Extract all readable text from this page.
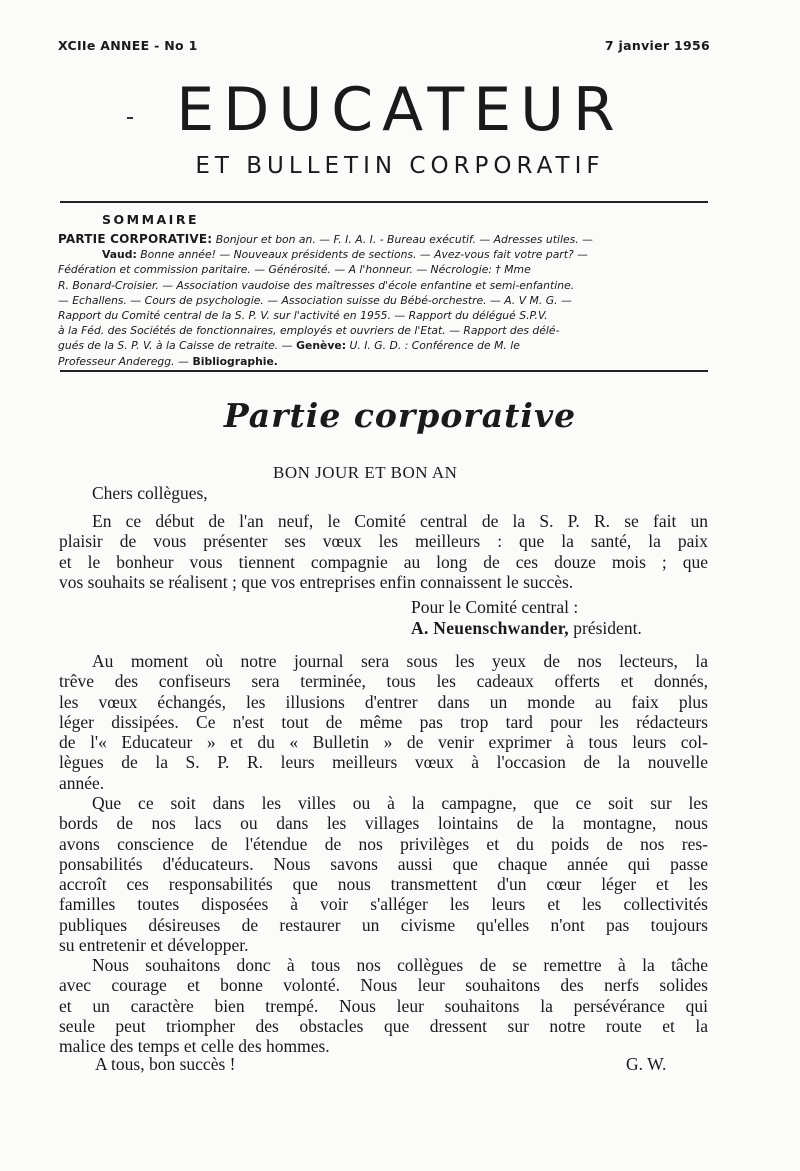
XCIIe ANNEE - No 1	7 janvier 1956
EDUCATEUR
ET BULLETIN CORPORATIF
SOMMAIRE
PARTIE CORPORATIVE: Bonjour et bon an. — F. I. A. I. - Bureau exécutif. — Adresses utiles. —
Vaud: Bonne année! — Nouveaux présidents de sections. — Avez-vous fait votre part? —
Fédération et commission paritaire. — Générosité. — A l'honneur. — Nécrologie: † Mme
R. Bonard-Croisier. — Association vaudoise des maîtresses d'école enfantine et semi-enfantine.
— Echallens. — Cours de psychologie. — Association suisse du Bébé-orchestre. — A. V M. G. —
Rapport du Comité central de la S. P. V. sur l'activité en 1955. — Rapport du délégué S.P.V.
à la Féd. des Sociétés de fonctionnaires, employés et ouvriers de l'Etat. — Rapport des délé-
gués de la S. P. V. à la Caisse de retraite. — Genève: U. I. G. D. : Conférence de M. le
Professeur Anderegg. — Bibliographie.
Partie corporative
BON JOUR ET BON AN
Chers collègues,
En ce début de l'an neuf, le Comité central de la S. P. R. se fait un
plaisir de vous présenter ses vœux les meilleurs : que la santé, la paix
et le bonheur vous tiennent compagnie au long de ces douze mois ; que
vos souhaits se réalisent ; que vos entreprises enfin connaissent le succès.
Pour le Comité central :
A. Neuenschwander, président.
Au moment où notre journal sera sous les yeux de nos lecteurs, la
trêve des confiseurs sera terminée, tous les cadeaux offerts et donnés,
les vœux échangés, les illusions d'entrer dans un monde au faix plus
léger dissipées. Ce n'est tout de même pas trop tard pour les rédacteurs
de l'« Educateur » et du « Bulletin » de venir exprimer à tous leurs col-
lègues de la S. P. R. leurs meilleurs vœux à l'occasion de la nouvelle
année.
Que ce soit dans les villes ou à la campagne, que ce soit sur les
bords de nos lacs ou dans les villages lointains de la montagne, nous
avons conscience de l'étendue de nos privilèges et du poids de nos res-
ponsabilités d'éducateurs. Nous savons aussi que chaque année qui passe
accroît ces responsabilités que nous transmettent d'un cœur léger et les
familles toutes disposées à voir s'alléger les leurs et les collectivités
publiques désireuses de restaurer un civisme qu'elles n'ont pas toujours
su entretenir et développer.
Nous souhaitons donc à tous nos collègues de se remettre à la tâche
avec courage et bonne volonté. Nous leur souhaitons des nerfs solides
et un caractère bien trempé. Nous leur souhaitons la persévérance qui
seule peut triompher des obstacles que dressent sur notre route et la
malice des temps et celle des hommes.
A tous, bon succès !	G. W.
